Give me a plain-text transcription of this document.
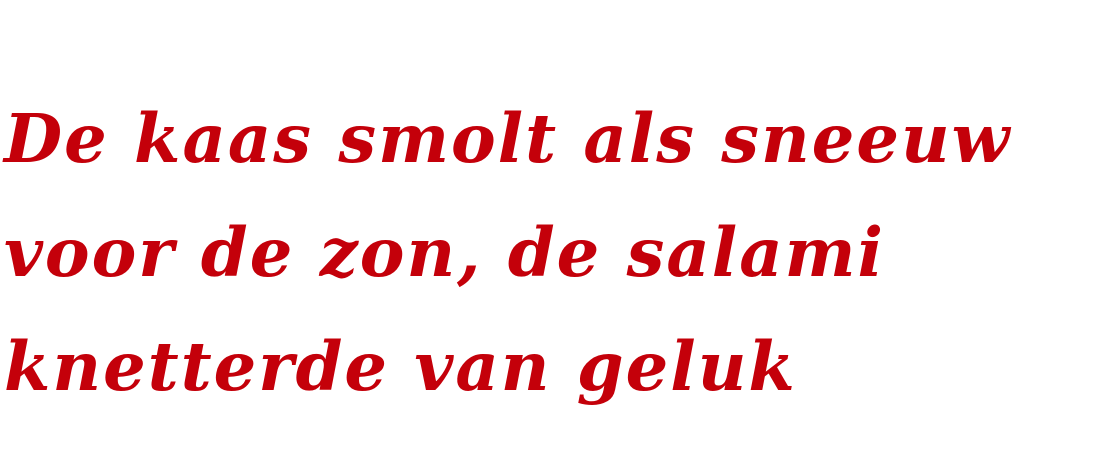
De kaas smolt als sneeuw
voor de zon, de salami
knetterde van geluk
